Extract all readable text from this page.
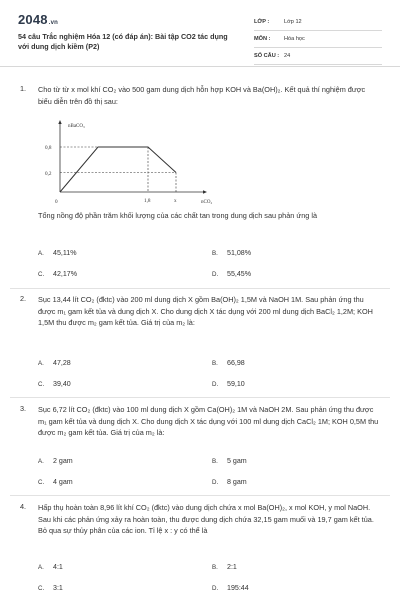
2048.vn
54 câu Trắc nghiệm Hóa 12 (có đáp án): Bài tập CO2 tác dụng với dung dịch kiềm (P2)
LỚP :	Lớp 12
MÔN :	Hóa học
SỐ CÂU : 24
1. Cho từ từ x mol khí CO₂ vào 500 gam dung dịch hỗn hợp KOH và Ba(OH)₂. Kết quả thí nghiệm được biểu diễn trên đồ thị sau:
nBaCO₃
nCO₂
0,8
0,2
1,8	x
0
Tổng nồng độ phần trăm khối lượng của các chất tan trong dung dịch sau phản ứng là
A. 45,11%	B. 51,08%
C. 42,17%	D. 55,45%
2. Sục 13,44 lít CO₂ (đktc) vào 200 ml dung dịch X gồm Ba(OH)₂ 1,5M và NaOH 1M. Sau phản ứng thu được m₁ gam kết tủa và dung dịch X. Cho dung dịch X tác dụng với 200 ml dung dịch BaCl₂ 1,2M; KOH 1,5M thu được m₂ gam kết tủa. Giá trị của m₂ là:
A. 47,28	B. 66,98
C. 39,40	D. 59,10
3. Sục 6,72 lít CO₂ (đktc) vào 100 ml dung dịch X gồm Ca(OH)₂ 1M và NaOH 2M. Sau phản ứng thu được m₁ gam kết tủa và dung dịch X. Cho dung dịch X tác dụng với 100 ml dung dịch CaCl₂ 1M; KOH 0,5M thu được m₂ gam kết tủa. Giá trị của m₂ là:
A. 2 gam	B. 5 gam
C. 4 gam	D. 8 gam
4. Hấp thụ hoàn toàn 8,96 lít khí CO₂ (đktc) vào dung dịch chứa x mol Ba(OH)₂, x mol KOH, y mol NaOH. Sau khi các phản ứng xảy ra hoàn toàn, thu được dung dịch chứa 32,15 gam muối và 19,7 gam kết tủa. Bỏ qua sự thủy phân của các ion. Tỉ lệ x : y có thể là
A. 4:1	B. 2:1
C. 3:1	D. 195:44
